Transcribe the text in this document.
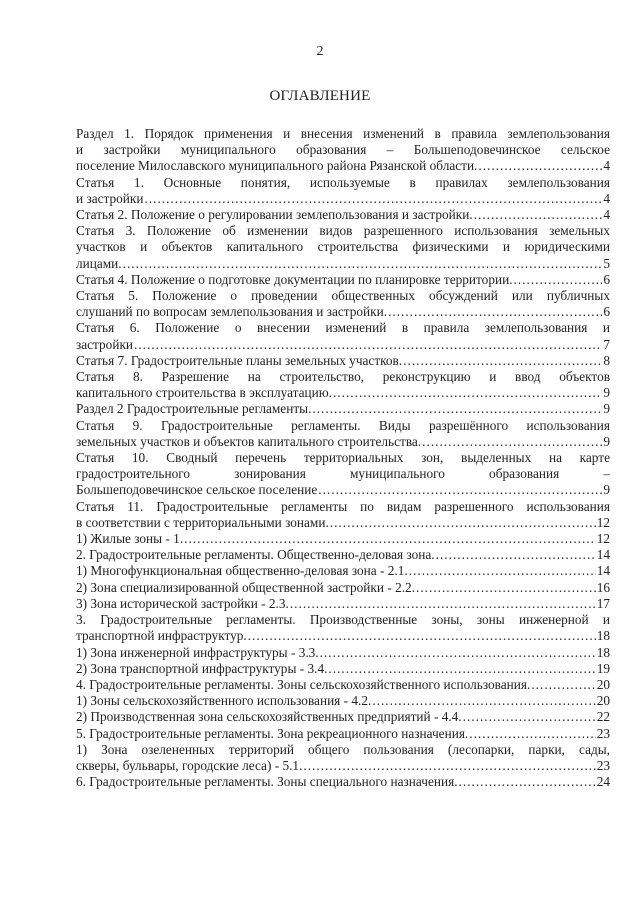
2
ОГЛАВЛЕНИЕ
Раздел 1. Порядок применения и внесения изменений в правила землепользования
и застройки муниципального образования – Большеподовечинское сельское
поселение Милославского муниципального района Рязанской области. .....	4
Статья 1. Основные понятия, используемые в правилах землепользования
и застройки .....	4
Статья 2. Положение о регулировании землепользования и застройки. .....	4
Статья 3. Положение об изменении видов разрешенного использования земельных
участков и объектов капитального строительства физическими и юридическими
лицами. .....	5
Статья 4. Положение о подготовке документации по планировке территории. .....	6
Статья 5. Положение о проведении общественных обсуждений или публичных
слушаний по вопросам землепользования и застройки. .....	6
Статья 6. Положение о внесении изменений в правила землепользования и
застройки .....	7
Статья 7. Градостроительные планы земельных участков. .....	8
Статья 8. Разрешение на строительство, реконструкцию и ввод объектов
капитального строительства в эксплуатацию. .....	9
Раздел 2 Градостроительные регламенты. .....	9
Статья 9. Градостроительные регламенты. Виды разрешённого использования
земельных участков и объектов капитального строительства. .....	9
Статья 10. Сводный перечень территориальных зон, выделенных на карте
градостроительного зонирования муниципального образования –
Большеподовечинское сельское поселение .....	9
Статья 11. Градостроительные регламенты по видам разрешенного использования
в соответствии с территориальными зонами. .....	12
1) Жилые зоны - 1. .....	12
2. Градостроительные регламенты. Общественно-деловая зона. .....	14
1) Многофункциональная общественно-деловая зона - 2.1. .....	14
2) Зона специализированной общественной застройки - 2.2. .....	16
3) Зона исторической застройки - 2.3. .....	17
3. Градостроительные регламенты. Производственные зоны, зоны инженерной и
транспортной инфраструктур. .....	18
1) Зона инженерной инфраструктуры - 3.3. .....	18
2) Зона транспортной инфраструктуры - 3.4. .....	19
4. Градостроительные регламенты. Зоны сельскохозяйственного использования. .....	20
1) Зоны сельскохозяйственного использования - 4.2. .....	20
2) Производственная зона сельскохозяйственных предприятий - 4.4. .....	22
5. Градостроительные регламенты. Зона рекреационного назначения. .....	23
1) Зона озелененных территорий общего пользования (лесопарки, парки, сады,
скверы, бульвары, городские леса) - 5.1. .....	23
6. Градостроительные регламенты. Зоны специального назначения. .....	24
